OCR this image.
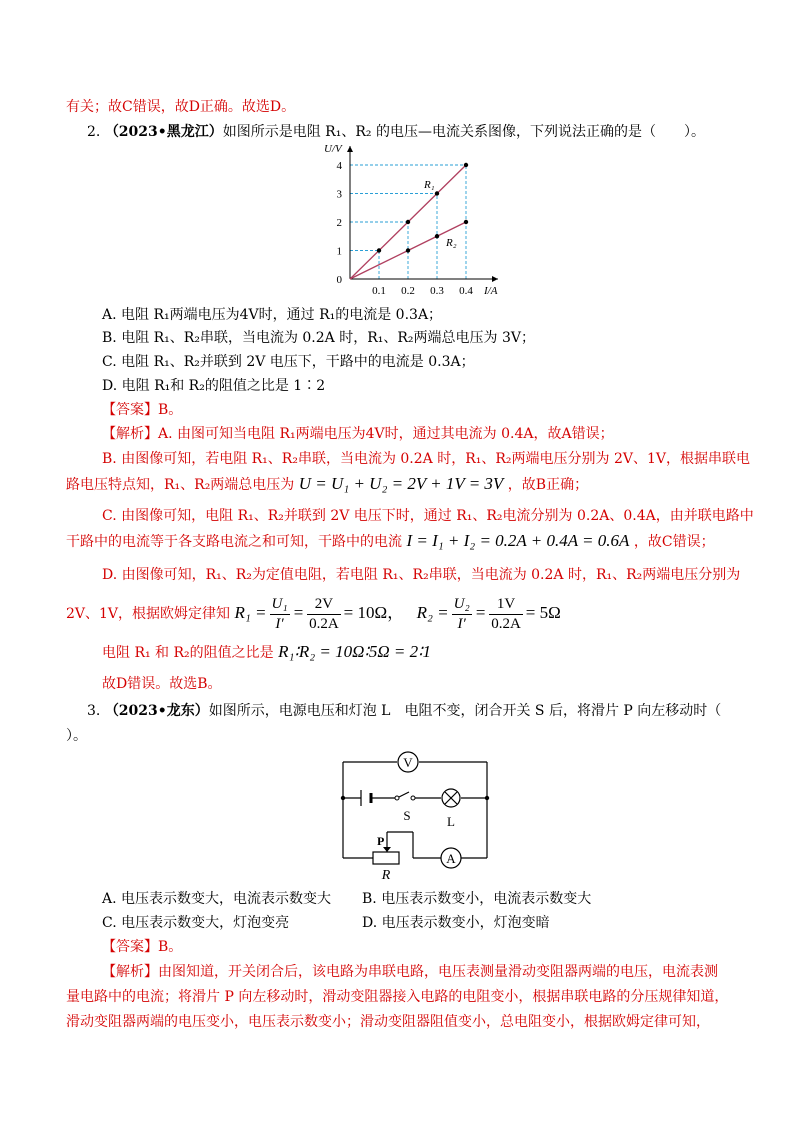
有关；故C错误，故D正确。故选D。
2. （2023•黑龙江）如图所示是电阻 R₁、R₂ 的电压—电流关系图像，下列说法正确的是（　　）。
R₁
R₂
0.1 0.2 0.3 0.4
1
2
3
4
0
I/A
U/V
A. 电阻 R₁两端电压为4V时，通过 R₁的电流是 0.3A；
B. 电阻 R₁、R₂串联，当电流为 0.2A 时，R₁、R₂两端总电压为 3V；
C. 电阻 R₁、R₂并联到 2V 电压下，干路中的电流是 0.3A；
D. 电阻 R₁和 R₂的阻值之比是 1∶2
【答案】B。
【解析】A. 由图可知当电阻 R₁两端电压为4V时，通过其电流为 0.4A，故A错误；
B. 由图像可知，若电阻 R₁、R₂串联，当电流为 0.2A 时，R₁、R₂两端电压分别为 2V、1V，根据串联电
路电压特点知，R₁、R₂两端总电压为 U = U₁ + U₂ = 2V + 1V = 3V ，故B正确；
C. 由图像可知，电阻 R₁、R₂并联到 2V 电压下时，通过 R₁、R₂电流分别为 0.2A、0.4A，由并联电路中
干路中的电流等于各支路电流之和可知，干路中的电流 I = I₁ + I₂ = 0.2A + 0.4A = 0.6A ，故C错误；
D. 由图像可知，R₁、R₂为定值电阻，若电阻 R₁、R₂串联，当电流为 0.2A 时，R₁、R₂两端电压分别为
2V、1V，根据欧姆定律知 $R_1 = \frac{\text{U₁}}{I'} = \frac{2V}{0.2A} = 10\Omega$， $R_2 = \frac{\text{U₂}}{I'} = \frac{1V}{0.2A} = 5\Omega$
电阻 R₁ 和 R₂的阻值之比是 R₁∶R₂ = 10Ω∶5Ω = 2∶1
故D错误。故选B。
3. （2023•龙东）如图所示，电源电压和灯泡 L　电阻不变，闭合开关 S 后，将滑片 P 向左移动时（
）。
V
L
S
P
R
A
A. 电压表示数变大，电流表示数变大 B. 电压表示数变小，电流表示数变大
C. 电压表示数变大，灯泡变亮	D. 电压表示数变小，灯泡变暗
【答案】B。
【解析】由图知道，开关闭合后，该电路为串联电路，电压表测量滑动变阻器两端的电压，电流表测
量电路中的电流；将滑片 P 向左移动时，滑动变阻器接入电路的电阻变小，根据串联电路的分压规律知道，
滑动变阻器两端的电压变小，电压表示数变小；滑动变阻器阻值变小，总电阻变小，根据欧姆定律可知，
